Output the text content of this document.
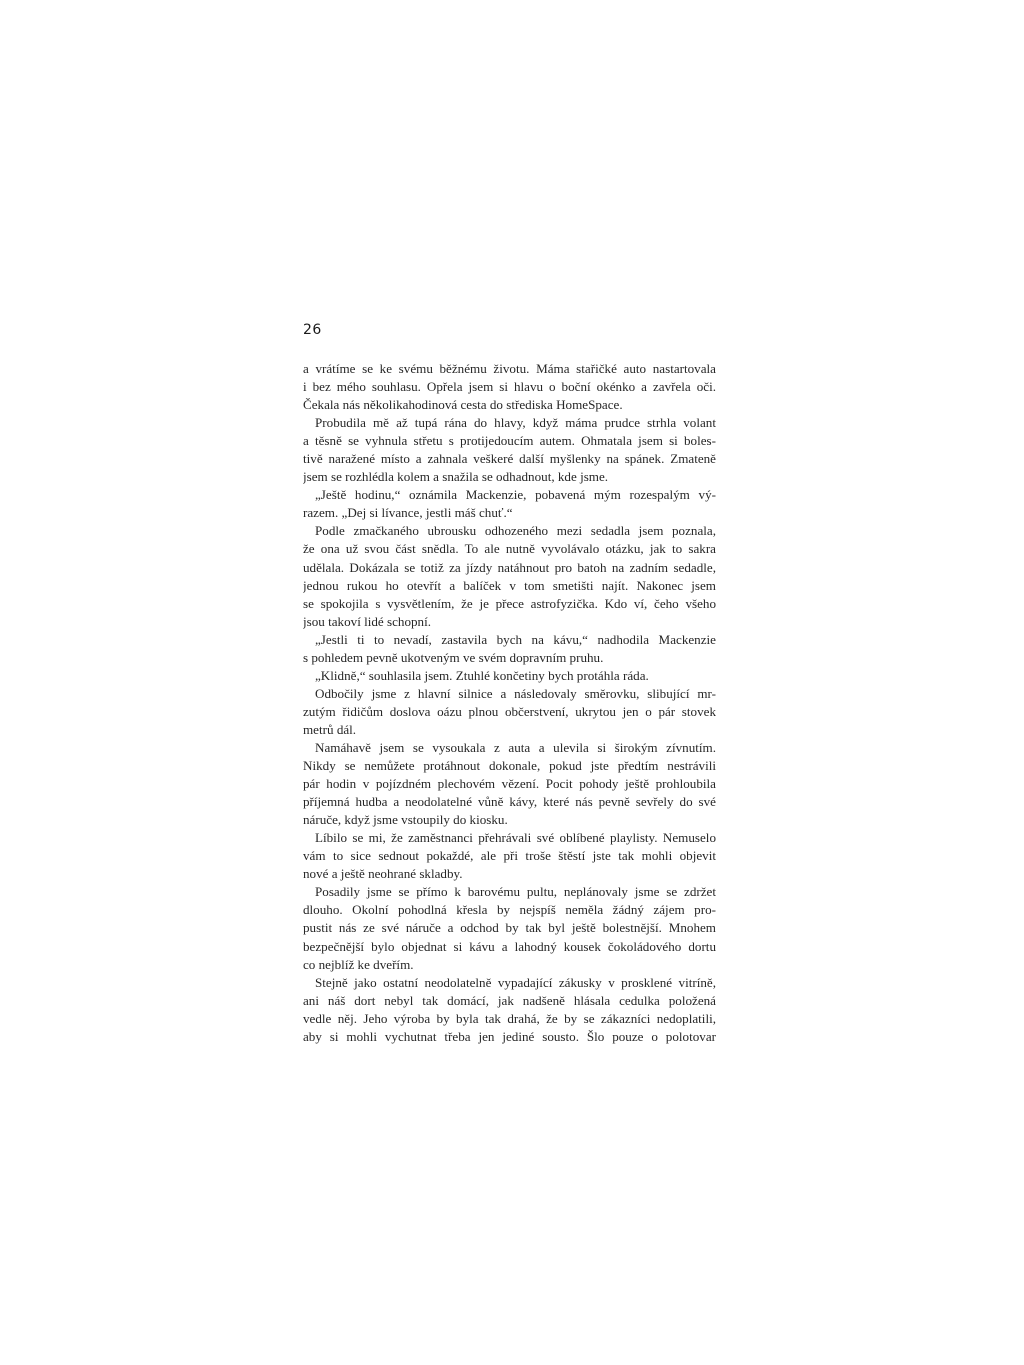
26
a vrátíme se ke svému běžnému životu. Máma stařičké auto nastartovala
i bez mého souhlasu. Opřela jsem si hlavu o boční okénko a zavřela oči.
Čekala nás několikahodinová cesta do střediska HomeSpace.
Probudila mě až tupá rána do hlavy, když máma prudce strhla volant
a těsně se vyhnula střetu s protijedoucím autem. Ohmatala jsem si boles-
tivě naražené místo a zahnala veškeré další myšlenky na spánek. Zmateně
jsem se rozhlédla kolem a snažila se odhadnout, kde jsme.
„Ještě hodinu,“ oznámila Mackenzie, pobavená mým rozespalým vý-
razem. „Dej si lívance, jestli máš chuť.“
Podle zmačkaného ubrousku odhozeného mezi sedadla jsem poznala,
že ona už svou část snědla. To ale nutně vyvolávalo otázku, jak to sakra
udělala. Dokázala se totiž za jízdy natáhnout pro batoh na zadním sedadle,
jednou rukou ho otevřít a balíček v tom smetišti najít. Nakonec jsem
se spokojila s vysvětlením, že je přece astrofyzička. Kdo ví, čeho všeho
jsou takoví lidé schopní.
„Jestli ti to nevadí, zastavila bych na kávu,“ nadhodila Mackenzie
s pohledem pevně ukotveným ve svém dopravním pruhu.
„Klidně,“ souhlasila jsem. Ztuhlé končetiny bych protáhla ráda.
Odbočily jsme z hlavní silnice a následovaly směrovku, slibující mr-
zutým řidičům doslova oázu plnou občerstvení, ukrytou jen o pár stovek
metrů dál.
Namáhavě jsem se vysoukala z auta a ulevila si širokým zívnutím.
Nikdy se nemůžete protáhnout dokonale, pokud jste předtím nestrávili
pár hodin v pojízdném plechovém vězení. Pocit pohody ještě prohloubila
příjemná hudba a neodolatelné vůně kávy, které nás pevně sevřely do své
náruče, když jsme vstoupily do kiosku.
Líbilo se mi, že zaměstnanci přehrávali své oblíbené playlisty. Nemuselo
vám to sice sednout pokaždé, ale při troše štěstí jste tak mohli objevit
nové a ještě neohrané skladby.
Posadily jsme se přímo k barovému pultu, neplánovaly jsme se zdržet
dlouho. Okolní pohodlná křesla by nejspíš neměla žádný zájem pro-
pustit nás ze své náruče a odchod by tak byl ještě bolestnější. Mnohem
bezpečnější bylo objednat si kávu a lahodný kousek čokoládového dortu
co nejblíž ke dveřím.
Stejně jako ostatní neodolatelně vypadající zákusky v prosklené vitríně,
ani náš dort nebyl tak domácí, jak nadšeně hlásala cedulka položená
vedle něj. Jeho výroba by byla tak drahá, že by se zákazníci nedoplatili,
aby si mohli vychutnat třeba jen jediné sousto. Šlo pouze o polotovar
